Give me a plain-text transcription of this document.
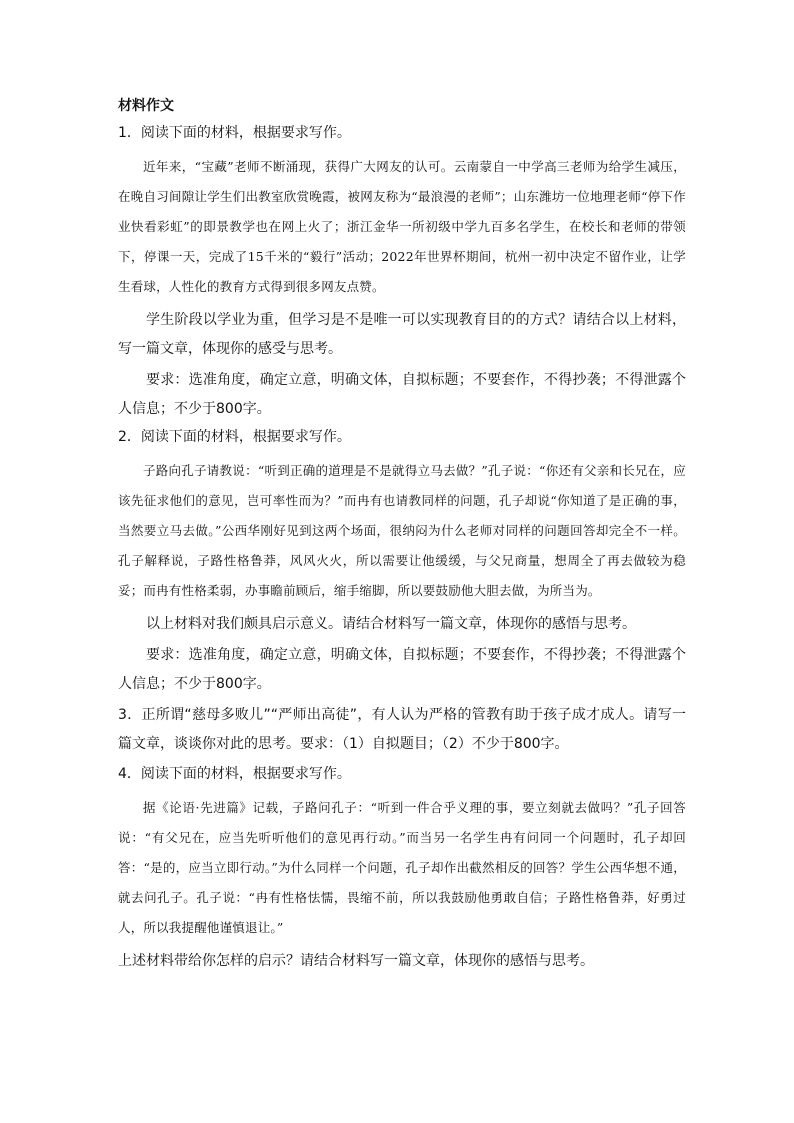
材料作文
1．阅读下面的材料，根据要求写作。
近年来，“宝藏”老师不断涌现，获得广大网友的认可。云南蒙自一中学高三老师为给学生减压，在晚自习间隙让学生们出教室欣赏晚霞，被网友称为“最浪漫的老师”；山东潍坊一位地理老师“停下作业快看彩虹”的即景教学也在网上火了；浙江金华一所初级中学九百多名学生，在校长和老师的带领下，停课一天，完成了15千米的“毅行”活动；2022年世界杯期间，杭州一初中决定不留作业，让学生看球，人性化的教育方式得到很多网友点赞。
学生阶段以学业为重，但学习是不是唯一可以实现教育目的的方式？请结合以上材料，写一篇文章，体现你的感受与思考。
要求：选准角度，确定立意，明确文体，自拟标题；不要套作，不得抄袭；不得泄露个人信息；不少于800字。
2．阅读下面的材料，根据要求写作。
子路向孔子请教说：“听到正确的道理是不是就得立马去做？”孔子说：“你还有父亲和长兄在，应该先征求他们的意见，岂可率性而为？”而冉有也请教同样的问题，孔子却说“你知道了是正确的事，当然要立马去做。”公西华刚好见到这两个场面，很纳闷为什么老师对同样的问题回答却完全不一样。孔子解释说，子路性格鲁莽，风风火火，所以需要让他缓缓，与父兄商量，想周全了再去做较为稳妥；而冉有性格柔弱，办事瞻前顾后，缩手缩脚，所以要鼓励他大胆去做，为所当为。
以上材料对我们颇具启示意义。请结合材料写一篇文章，体现你的感悟与思考。
要求：选准角度，确定立意，明确文体，自拟标题；不要套作，不得抄袭；不得泄露个人信息；不少于800字。
3．正所谓“慈母多败儿”“严师出高徒”，有人认为严格的管教有助于孩子成才成人。请写一篇文章，谈谈你对此的思考。要求：（1）自拟题目；（2）不少于800字。
4．阅读下面的材料，根据要求写作。
据《论语·先进篇》记载，子路问孔子：“听到一件合乎义理的事，要立刻就去做吗？”孔子回答说：“有父兄在，应当先听听他们的意见再行动。”而当另一名学生冉有问同一个问题时，孔子却回答：“是的，应当立即行动。”为什么同样一个问题，孔子却作出截然相反的回答？学生公西华想不通，就去问孔子。孔子说：“冉有性格怯懦，畏缩不前，所以我鼓励他勇敢自信；子路性格鲁莽，好勇过人，所以我提醒他谨慎退让。”
上述材料带给你怎样的启示？请结合材料写一篇文章，体现你的感悟与思考。
